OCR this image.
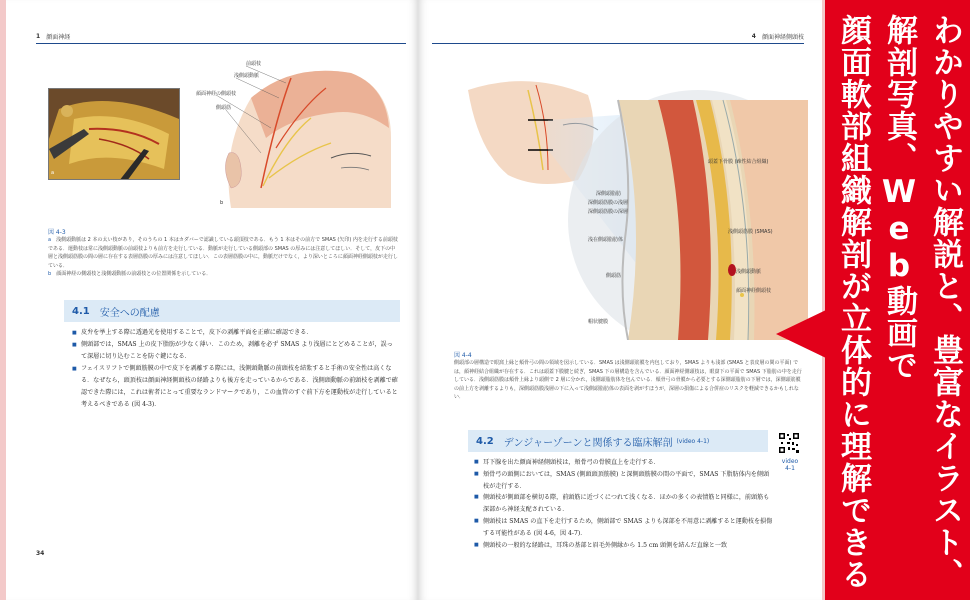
1 顔面神経
a
前頭枝
浅側頭動脈
顔面神経の側頭枝
側頭筋
b
図 4-3
a　 浅側頭動脈は 2 本の太い枝があり，そのうちの 1 本はカダバーで認識している頭頂枝である．もう 1 本はその前方で SMAS (矢印) 内を走行する前頭枝である．運動枝は常に浅側頭動脈の前頭枝よりも前方を走行している．動脈が走行している側頭部の SMAS の厚みには注意してほしい．そして，皮下の中層と浅側頭筋膜の間の層に存在する表層筋膜の厚みには注意してほしい．この表層筋膜の中に，動脈だけでなく，より深いところに顔面神経側頭枝が走行している．
b　 顔面神経の側頭枝と浅側頭動脈の前頭枝との位置関係を示している．
4.1 安全への配慮
■ 皮弁を挙上する際に透過光を使用することで，皮下の剥離平面を正確に確認できる．
■ 側頭部では，SMAS 上の皮下脂肪が少なく薄い．このため，剥離を必ず SMAS より浅層にとどめることが，誤って深層に切り込むことを防ぐ鍵になる．
■ フェイスリフトで側頭筋膜の中で皮下を剥離する際には，浅側頭動脈の前頭枝を結紮すると手術の安全性は高くなる．なぜなら，頭頂枝は顔面神経側頭枝の経路よりも後方を走っているからである．浅側頭動脈の前頭枝を剥離で確認できた際には，これは術者にとって重要なランドマークであり，この血管のすぐ前下方を運動枝が走行していると考えるべきである (図 4-3)．
34
4 顔面神経側頭枝
深側頭脂肪
深側頭筋膜の浅層
深側頭筋膜の深層
浅在側頭脂肪体
側頭筋
帽状腱膜
頭蓋下骨膜 (疎性結合組織)
浅側頭筋膜 (SMAS)
浅側頭動脈
顔面神経側頭枝
図 4-4
側頭部の層構造で眼窩上縁と頬骨弓の間の領域を図示している．SMAS は浅側頭筋膜を内包しており，SMAS よりも浅部 (SMAS と表皮層の間の平面) では，顔神経結合組織が存在する．これは頭蓋下膜腱と続ぎ，SMAS 下の層構造を含んでいる．顔面神経側頭枝は，眼窩下の平面で SMAS 下脂肪の中を走行している．浅側頭筋膜は頬骨上縁より頭側で 2 層に分かれ，浅側頭脂肪体を包んでいる．頬骨弓の骨膜から必要とする深側頭脂肪の下層では，深側頭筋膜の前上方を剥離するよりも，深側頭筋膜浅層の下に入って浅側頭脂肪体の表面を剥がすほうが，深層の損傷による合併症のリスクを軽減できるかもしれない．
4.2 デンジャーゾーンと関係する臨床解剖 (video 4-1)
video
4-1
■ 耳下腺を出た顔面神経側頭枝は，頬骨弓の骨膜直上を走行する．
■ 頬骨弓の頭側においては，SMAS (側頭頭頂筋膜) と深側頭筋膜の間の平面で，SMAS 下脂肪体内を側頭枝が走行する．
■ 側頭枝が側頭部を横切る際，前頭筋に近づくにつれて浅くなる．ほかの多くの表情筋と同様に，前頭筋も深部から神経支配されている．
■ 側頭枝は SMAS の直下を走行するため，側頭部で SMAS よりも深部を不用意に剥離すると運動枝を損傷する可能性がある (図 4-6，図 4-7)．
■ 側頭枝の一般的な経路は，耳珠の基部と眉毛外側縁から 1.5 cm 頭側を結んだ直線と一致	わかりやすい解説と、豊富なイラスト、
解剖写真、Web動画で
顔面軟部組織解剖が立体的に理解できる
